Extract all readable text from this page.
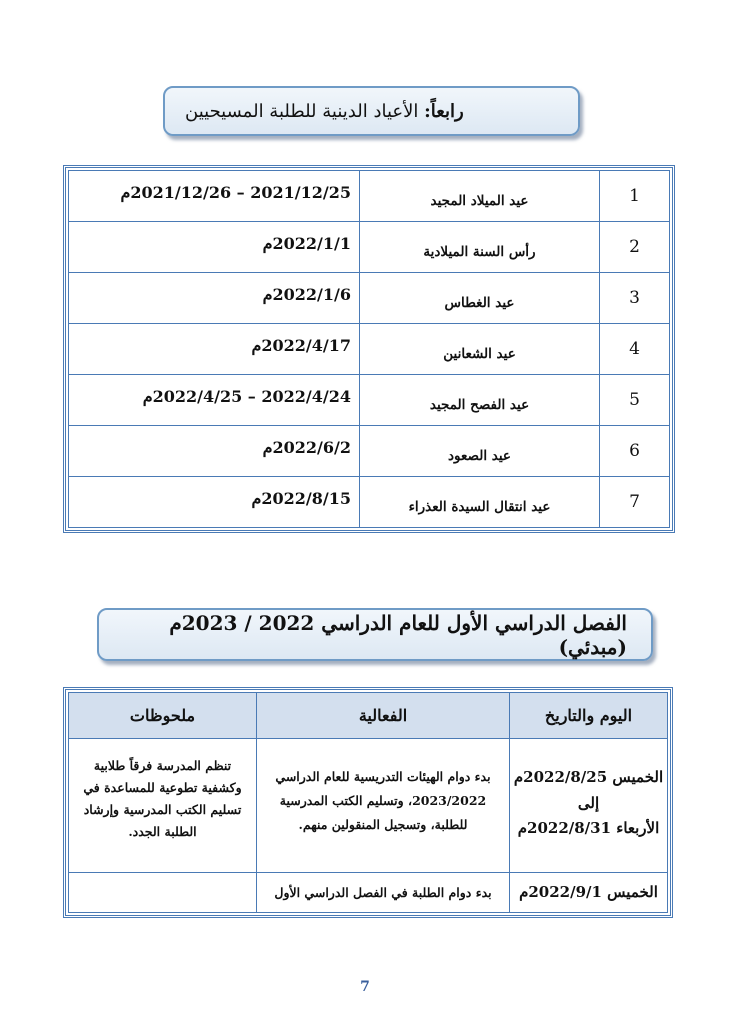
رابعاً:

الأعياد الدينية للطلبة المسيحيين
1	عيد الميلاد المجيد	2021/12/25 – 2021/12/26م
2	رأس السنة الميلادية	2022/1/1م
3	عيد الغطاس	2022/1/6م
4	عيد الشعانين	2022/4/17م
5	عيد الفصح المجيد	2022/4/24 – 2022/4/25م
6	عيد الصعود	2022/6/2م
7	عيد انتقال السيدة العذراء	2022/8/15م
الفصل الدراسي الأول للعام الدراسي 2022 / 2023م (مبدئي)
اليوم والتاريخ	الفعالية	ملحوظات

الخميس 2022/8/25م
إلى
الأربعاء 2022/8/31م	بدء دوام الهيئات التدريسية للعام الدراسي 2023/2022، وتسليم الكتب المدرسية للطلبة، وتسجيل المنقولين منهم.	تنظم المدرسة فرقاً طلابية وكشفية تطوعية للمساعدة في تسليم الكتب المدرسية وإرشاد الطلبة الجدد.
الخميس 2022/9/1م	بدء دوام الطلبة في الفصل الدراسي الأول	
7
